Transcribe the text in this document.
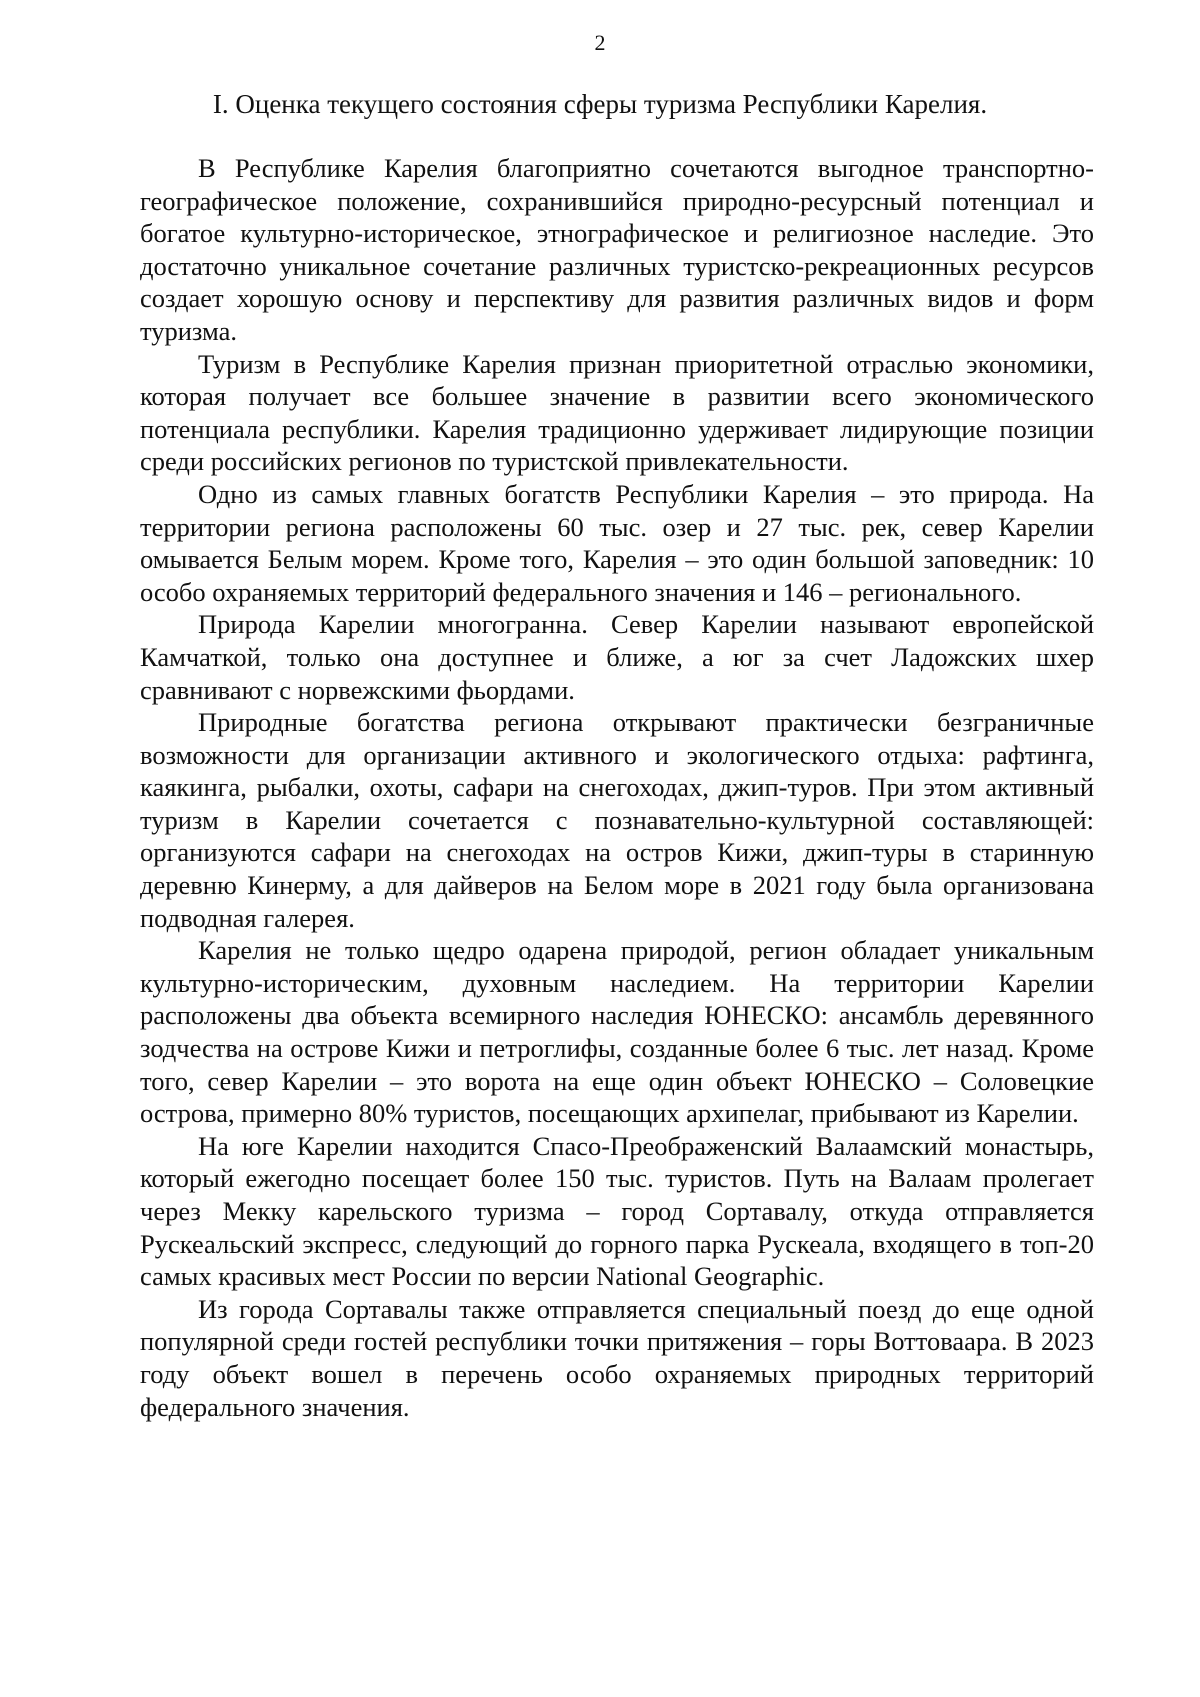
2
I. Оценка текущего состояния сферы туризма Республики Карелия.

В Республике Карелия благоприятно сочетаются выгодное транспортно-географическое положение, сохранившийся природно-ресурсный потенциал и богатое культурно-историческое, этнографическое и религиозное наследие. Это достаточно уникальное сочетание различных туристско-рекреационных ресурсов создает хорошую основу и перспективу для развития различных видов и форм туризма.

Туризм в Республике Карелия признан приоритетной отраслью экономики, которая получает все большее значение в развитии всего экономического потенциала республики. Карелия традиционно удерживает лидирующие позиции среди российских регионов по туристской привлекательности.

Одно из самых главных богатств Республики Карелия – это природа. На территории региона расположены 60 тыс. озер и 27 тыс. рек, север Карелии омывается Белым морем. Кроме того, Карелия – это один большой заповедник: 10 особо охраняемых территорий федерального значения и 146 – регионального.

Природа Карелии многогранна. Север Карелии называют европейской Камчаткой, только она доступнее и ближе, а юг за счет Ладожских шхер сравнивают с норвежскими фьордами.

Природные богатства региона открывают практически безграничные возможности для организации активного и экологического отдыха: рафтинга, каякинга, рыбалки, охоты, сафари на снегоходах, джип-туров. При этом активный туризм в Карелии сочетается с познавательно-культурной составляющей: организуются сафари на снегоходах на остров Кижи, джип-туры в старинную деревню Кинерму, а для дайверов на Белом море в 2021 году была организована подводная галерея.

Карелия не только щедро одарена природой, регион обладает уникальным культурно-историческим, духовным наследием. На территории Карелии расположены два объекта всемирного наследия ЮНЕСКО: ансамбль деревянного зодчества на острове Кижи и петроглифы, созданные более 6 тыс. лет назад. Кроме того, север Карелии – это ворота на еще один объект ЮНЕСКО – Соловецкие острова, примерно 80% туристов, посещающих архипелаг, прибывают из Карелии.

На юге Карелии находится Спасо-Преображенский Валаамский монастырь, который ежегодно посещает более 150 тыс. туристов. Путь на Валаам пролегает через Мекку карельского туризма – город Сортавалу, откуда отправляется Рускеальский экспресс, следующий до горного парка Рускеала, входящего в топ-20 самых красивых мест России по версии National Geographic.

Из города Сортавалы также отправляется специальный поезд до еще одной популярной среди гостей республики точки притяжения – горы Воттоваара. В 2023 году объект вошел в перечень особо охраняемых природных территорий федерального значения.
